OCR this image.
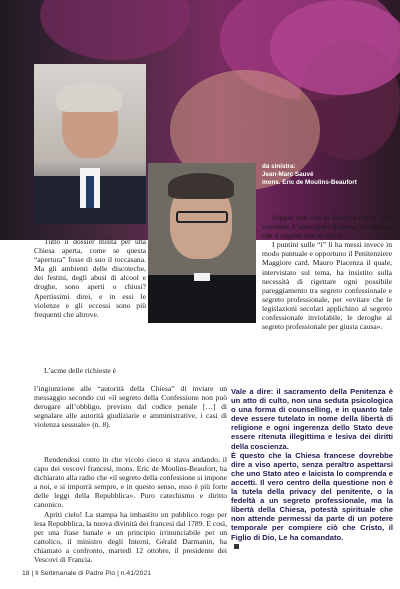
da sinistra:
Jean-Marc Sauvé
mons. Eric de Moulins-Beaufort

Tutto il dossier milita per una Chiesa aperta, come se questa “apertura” fosse di suo il toccasana. Ma gli ambienti delle discoteche, dei festini, degli abusi di alcool e droghe, sono aperti o chiusi? Apertissimi direi, e in essi le violenze e gli eccessi sono più frequenti che altrove.

L’acme delle richieste è

Seppur non con la fierezza che il caso vorrebbe, l’episcopato francese ha ribadito che il segreto non si tocca.

I puntini sulle “i” li ha messi invece in modo puntuale e opportuno il Penitenziere Maggiore card. Mauro Piacenza il quale, intervistato sul tema, ha insistito sulla necessità di rigettare ogni possibile pareggiamento tra segreto confessionale e segreto professionale, per «evitare che le legislazioni secolari applichino al segreto confessionale inviolabile, le deroghe al segreto professionale per giusta causa».

l’ingiunzione alle “autorità della Chiesa” di inviare un messaggio secondo cui «il segreto della Confessione non può derogare all’obbligo, previsto dal codice penale […] di segnalare alle autorità giudiziarie e amministrative, i casi di violenza sessuale» (n. 8).

Rendendosi conto in che vicolo cieco si stava andando, il capo dei vescovi francesi, mons. Eric de Moulins-Beaufort, ha dichiarato alla radio che «il segreto della confessione si impone a noi, e si imporrà sempre, e in questo senso, esso è più forte delle leggi della Repubblica». Puro catechismo e diritto canonico.

Apriti cielo! La stampa ha imbastito un pubblico rogo per lesa Repubblica, la nuova divinità dei francesi dal 1789. E così, per una frase banale e un principio irrinunciabile per un cattolico, il ministro degli Interni, Gérald Darmanin, ha chiamato a confronto, martedì 12 ottobre, il presidente dei Vescovi di Francia.

Vale a dire: il sacramento della Penitenza è un atto di culto, non una seduta psicologica o una forma di counselling, e in quanto tale deve essere tutelato in nome della libertà di religione e ogni ingerenza dello Stato deve essere ritenuta illegittima e lesiva dei diritti della coscienza.

È questo che la Chiesa francese dovrebbe dire a viso aperto, senza peraltro aspettarsi che uno Stato ateo e laicista lo comprenda e accetti. Il vero centro della questione non è la tutela della privacy del penitente, o la fedeltà a un segreto professionale, ma la libertà della Chiesa, potestà spirituale che non attende permessi da parte di un potere temporale per compiere ciò che Cristo, il Figlio di Dio, Le ha comandato.

18 | Il Settimanale di Padre Pio | n.41/2021
